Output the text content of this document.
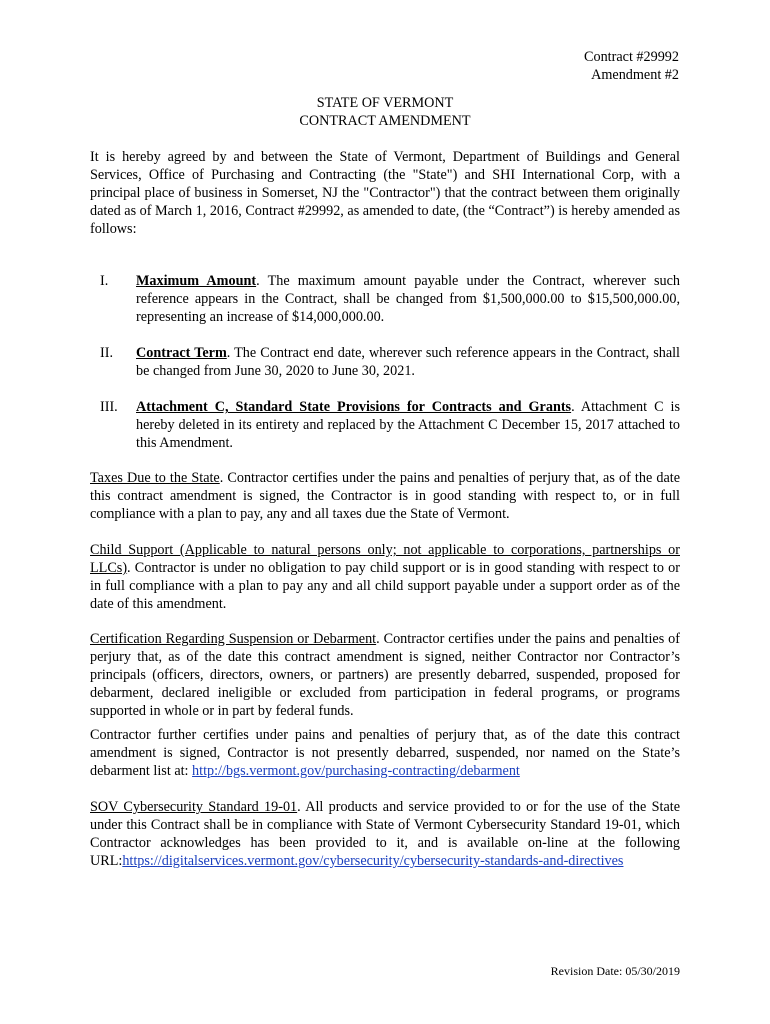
Contract #29992
Amendment #2
STATE OF VERMONT
CONTRACT AMENDMENT
It is hereby agreed by and between the State of Vermont, Department of Buildings and General Services, Office of Purchasing and Contracting (the "State") and SHI International Corp, with a principal place of business in Somerset, NJ the "Contractor") that the contract between them originally dated as of March 1, 2016, Contract #29992, as amended to date, (the “Contract”) is hereby amended as follows:
I. Maximum Amount. The maximum amount payable under the Contract, wherever such reference appears in the Contract, shall be changed from $1,500,000.00 to $15,500,000.00, representing an increase of $14,000,000.00.
II. Contract Term. The Contract end date, wherever such reference appears in the Contract, shall be changed from June 30, 2020 to June 30, 2021.
III. Attachment C, Standard State Provisions for Contracts and Grants. Attachment C is hereby deleted in its entirety and replaced by the Attachment C December 15, 2017 attached to this Amendment.
Taxes Due to the State. Contractor certifies under the pains and penalties of perjury that, as of the date this contract amendment is signed, the Contractor is in good standing with respect to, or in full compliance with a plan to pay, any and all taxes due the State of Vermont.
Child Support (Applicable to natural persons only; not applicable to corporations, partnerships or LLCs). Contractor is under no obligation to pay child support or is in good standing with respect to or in full compliance with a plan to pay any and all child support payable under a support order as of the date of this amendment.
Certification Regarding Suspension or Debarment. Contractor certifies under the pains and penalties of perjury that, as of the date this contract amendment is signed, neither Contractor nor Contractor’s principals (officers, directors, owners, or partners) are presently debarred, suspended, proposed for debarment, declared ineligible or excluded from participation in federal programs, or programs supported in whole or in part by federal funds.
Contractor further certifies under pains and penalties of perjury that, as of the date this contract amendment is signed, Contractor is not presently debarred, suspended, nor named on the State’s debarment list at: http://bgs.vermont.gov/purchasing-contracting/debarment
SOV Cybersecurity Standard 19-01. All products and service provided to or for the use of the State under this Contract shall be in compliance with State of Vermont Cybersecurity Standard 19-01, which Contractor acknowledges has been provided to it, and is available on-line at the following URL:https://digitalservices.vermont.gov/cybersecurity/cybersecurity-standards-and-directives
Revision Date: 05/30/2019
